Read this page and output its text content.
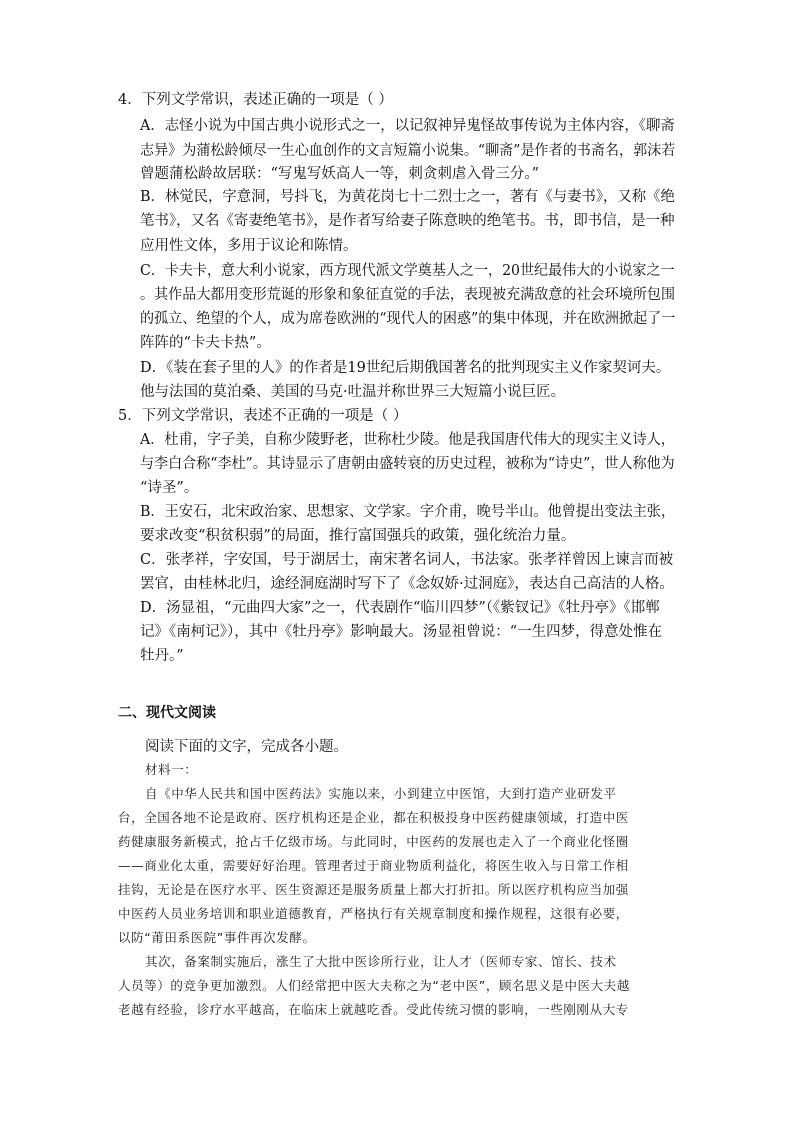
4．下列文学常识，表述正确的一项是（ ）
A．志怪小说为中国古典小说形式之一，以记叙神异鬼怪故事传说为主体内容，《聊斋
志异》为蒲松龄倾尽一生心血创作的文言短篇小说集。“聊斋”是作者的书斋名，郭沫若
曾题蒲松龄故居联：“写鬼写妖高人一等，刺贪刺虐入骨三分。”
B．林觉民，字意洞，号抖飞，为黄花岗七十二烈士之一，著有《与妻书》，又称《绝
笔书》，又名《寄妻绝笔书》，是作者写给妻子陈意映的绝笔书。书，即书信，是一种
应用性文体，多用于议论和陈情。
C．卡夫卡，意大利小说家，西方现代派文学奠基人之一，20世纪最伟大的小说家之一
。其作品大都用变形荒诞的形象和象征直觉的手法，表现被充满敌意的社会环境所包围
的孤立、绝望的个人，成为席卷欧洲的“现代人的困惑”的集中体现，并在欧洲掀起了一
阵阵的“卡夫卡热”。
D．《装在套子里的人》的作者是19世纪后期俄国著名的批判现实主义作家契诃夫。
他与法国的莫泊桑、美国的马克·吐温并称世界三大短篇小说巨匠。
5．下列文学常识，表述不正确的一项是（ ）
A．杜甫，字子美，自称少陵野老，世称杜少陵。他是我国唐代伟大的现实主义诗人，
与李白合称“李杜”。其诗显示了唐朝由盛转衰的历史过程，被称为“诗史”，世人称他为
“诗圣”。
B．王安石，北宋政治家、思想家、文学家。字介甫，晚号半山。他曾提出变法主张，
要求改变“积贫积弱”的局面，推行富国强兵的政策，强化统治力量。
C．张孝祥，字安国，号于湖居士，南宋著名词人，书法家。张孝祥曾因上谏言而被
罢官，由桂林北归，途经洞庭湖时写下了《念奴娇·过洞庭》，表达自己高洁的人格。
D．汤显祖，“元曲四大家”之一，代表剧作“临川四梦”（《紫钗记》《牡丹亭》《邯郸
记》《南柯记》），其中《牡丹亭》影响最大。汤显祖曾说：“一生四梦，得意处惟在
牡丹。”
二、现代文阅读
阅读下面的文字，完成各小题。
材料一：
自《中华人民共和国中医药法》实施以来，小到建立中医馆，大到打造产业研发平
台，全国各地不论是政府、医疗机构还是企业，都在积极投身中医药健康领域，打造中医
药健康服务新模式，抢占千亿级市场。与此同时，中医药的发展也走入了一个商业化怪圈
——商业化太重，需要好好治理。管理者过于商业物质利益化，将医生收入与日常工作相
挂钩，无论是在医疗水平、医生资源还是服务质量上都大打折扣。所以医疗机构应当加强
中医药人员业务培训和职业道德教育，严格执行有关规章制度和操作规程，这很有必要，
以防“莆田系医院”事件再次发酵。
其次，备案制实施后，涨生了大批中医诊所行业，让人才（医师专家、馆长、技术
人员等）的竞争更加激烈。人们经常把中医大夫称之为“老中医”，顾名思义是中医大夫越
老越有经验，诊疗水平越高，在临床上就越吃香。受此传统习惯的影响，一些刚刚从大专
